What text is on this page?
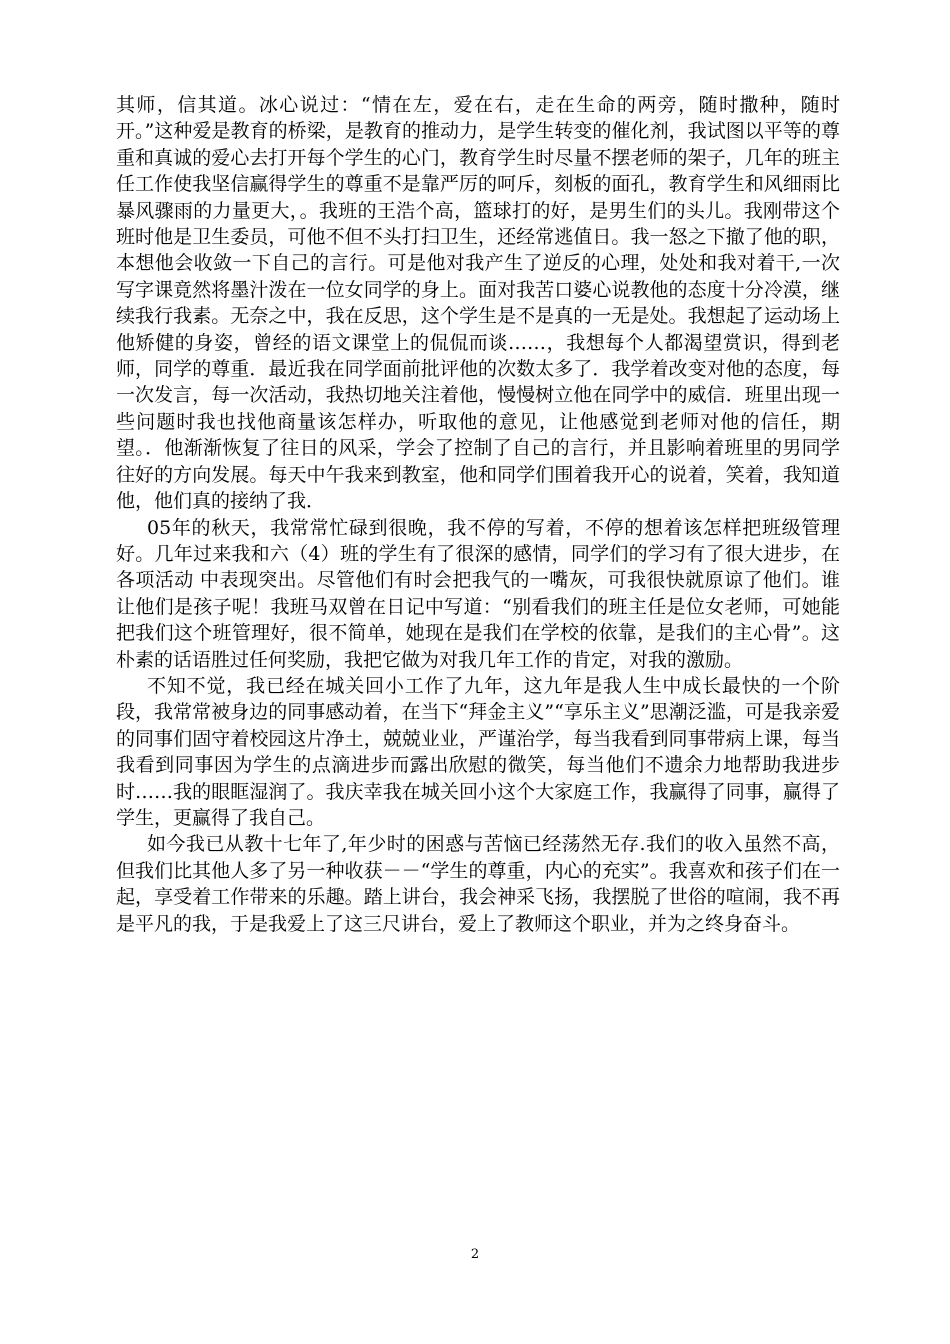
其师，信其道。冰心说过：“情在左，爱在右，走在生命的两旁，随时撒种，随时开。”这种爱是教育的桥梁，是教育的推动力，是学生转变的催化剂，我试图以平等的尊重和真诚的爱心去打开每个学生的心门，教育学生时尽量不摆老师的架子，几年的班主任工作使我坚信赢得学生的尊重不是靠严厉的呵斥，刻板的面孔，教育学生和风细雨比暴风骤雨的力量更大，。我班的王浩个高，篮球打的好，是男生们的头儿。我刚带这个班时他是卫生委员，可他不但不头打扫卫生，还经常逃值日。我一怒之下撤了他的职，本想他会收敛一下自己的言行。可是他对我产生了逆反的心理，处处和我对着干,一次写字课竟然将墨汁泼在一位女同学的身上。面对我苦口婆心说教他的态度十分冷漠，继续我行我素。无奈之中，我在反思，这个学生是不是真的一无是处。我想起了运动场上他矫健的身姿，曾经的语文课堂上的侃侃而谈……，我想每个人都渴望赏识，得到老师，同学的尊重．最近我在同学面前批评他的次数太多了．我学着改变对他的态度，每一次发言，每一次活动，我热切地关注着他，慢慢树立他在同学中的威信．班里出现一些问题时我也找他商量该怎样办，听取他的意见，让他感觉到老师对他的信任，期望。．他渐渐恢复了往日的风采，学会了控制了自己的言行，并且影响着班里的男同学往好的方向发展。每天中午我来到教室，他和同学们围着我开心的说着，笑着，我知道他，他们真的接纳了我．

05年的秋天，我常常忙碌到很晚，我不停的写着，不停的想着该怎样把班级管理好。几年过来我和六（4）班的学生有了很深的感情，同学们的学习有了很大进步，在各项活动 中表现突出。尽管他们有时会把我气的一嘴灰，可我很快就原谅了他们。谁让他们是孩子呢！我班马双曾在日记中写道：“别看我们的班主任是位女老师，可她能把我们这个班管理好，很不简单，她现在是我们在学校的依靠，是我们的主心骨”。这朴素的话语胜过任何奖励，我把它做为对我几年工作的肯定，对我的激励。

不知不觉，我已经在城关回小工作了九年，这九年是我人生中成长最快的一个阶段，我常常被身边的同事感动着，在当下“拜金主义”“享乐主义”思潮泛滥，可是我亲爱的同事们固守着校园这片净土，兢兢业业，严谨治学，每当我看到同事带病上课，每当我看到同事因为学生的点滴进步而露出欣慰的微笑，每当他们不遗余力地帮助我进步时……我的眼眶湿润了。我庆幸我在城关回小这个大家庭工作，我赢得了同事，赢得了学生，更赢得了我自己。

如今我已从教十七年了,年少时的困惑与苦恼已经荡然无存.我们的收入虽然不高，但我们比其他人多了另一种收获－－“学生的尊重，内心的充实”。我喜欢和孩子们在一起，享受着工作带来的乐趣。踏上讲台，我会神采飞扬，我摆脱了世俗的喧闹，我不再是平凡的我，于是我爱上了这三尺讲台，爱上了教师这个职业，并为之终身奋斗。

2
